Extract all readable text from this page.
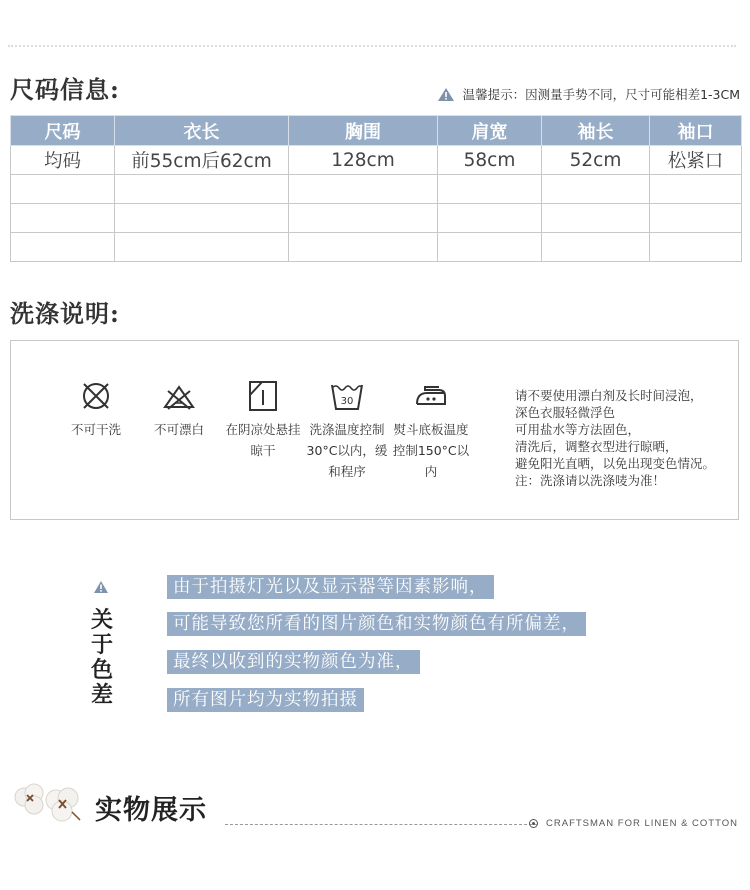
尺码信息:	温馨提示：因测量手势不同，尺寸可能相差1-3CM
尺码	衣长	胸围	肩宽	袖长	袖口
均码	前55cm后62cm	128cm	58cm	52cm	松紧口

洗涤说明:
不可干洗	不可漂白	在阴凉处悬挂晾干
30
洗涤温度控制30°C以内，缓和程序
熨斗底板温度控制150°C以内
请不要使用漂白剂及长时间浸泡，
深色衣服轻微浮色
可用盐水等方法固色，
清洗后，调整衣型进行晾晒，
避免阳光直晒，以免出现变色情况。
注：洗涤请以洗涤唛为准！
关于色差
由于拍摄灯光以及显示器等因素影响，
可能导致您所看的图片颜色和实物颜色有所偏差，
最终以收到的实物颜色为准，
所有图片均为实物拍摄
实物展示	CRAFTSMAN FOR LINEN & COTTON
